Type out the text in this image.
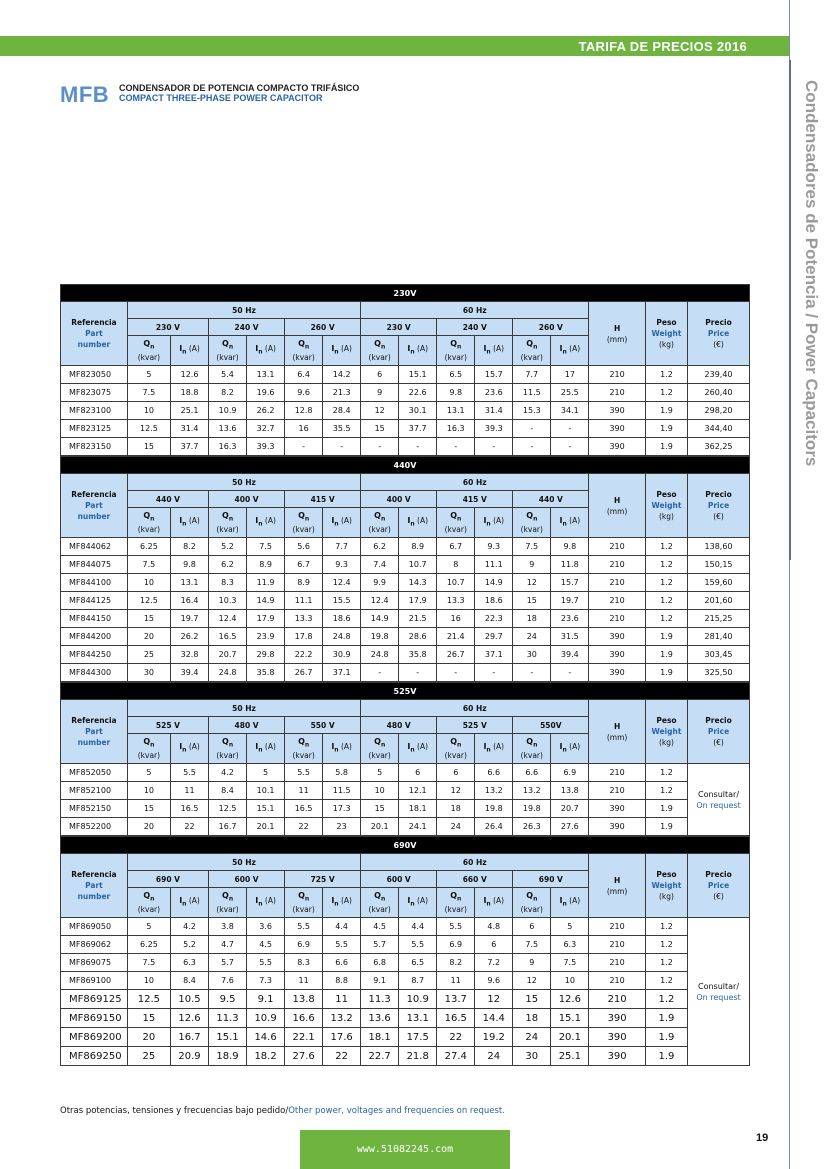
TARIFA DE PRECIOS 2016
Condensadores de Potencia / Power Capacitors
MFB CONDENSADOR DE POTENCIA COMPACTO TRIFÁSICO
COMPACT THREE-PHASE POWER CAPACITOR
230V															
Referencia
Part
number	50 Hz						60 Hz						H
(mm)	Peso
Weight
(kg)	Precio
Price
(€)
	230 V		240 V		260 V		230 V		240 V		260 V				
	$Q_n$
(kvar)	$I_n$ (A)	$Q_n$
(kvar)	$I_n$ (A)	$Q_n$
(kvar)	$I_n$ (A)	$Q_n$
(kvar)	$I_n$ (A)	$Q_n$
(kvar)	$I_n$ (A)	$Q_n$
(kvar)	$I_n$ (A)			
MF823050	5	12.6	5.4	13.1	6.4	14.2	6	15.1	6.5	15.7	7.7	17	210	1.2	239,40
MF823075	7.5	18.8	8.2	19.6	9.6	21.3	9	22.6	9.8	23.6	11.5	25.5	210	1.2	260,40
MF823100	10	25.1	10.9	26.2	12.8	28.4	12	30.1	13.1	31.4	15.3	34.1	390	1.9	298,20
MF823125	12.5	31.4	13.6	32.7	16	35.5	15	37.7	16.3	39.3	-	-	390	1.9	344,40
MF823150	15	37.7	16.3	39.3	-	-	-	-	-	-	-	-	390	1.9	362,25
440V															
Referencia
Part
number	50 Hz						60 Hz						H
(mm)	Peso
Weight
(kg)	Precio
Price
(€)
	440 V		400 V		415 V		400 V		415 V		440 V				
	$Q_n$
(kvar)	$I_n$ (A)	$Q_n$
(kvar)	$I_n$ (A)	$Q_n$
(kvar)	$I_n$ (A)	$Q_n$
(kvar)	$I_n$ (A)	$Q_n$
(kvar)	$I_n$ (A)	$Q_n$
(kvar)	$I_n$ (A)			
MF844062	6.25	8.2	5.2	7.5	5.6	7.7	6.2	8.9	6.7	9.3	7.5	9.8	210	1.2	138,60
MF844075	7.5	9.8	6.2	8.9	6.7	9.3	7.4	10.7	8	11.1	9	11.8	210	1.2	150,15
MF844100	10	13.1	8.3	11.9	8.9	12.4	9.9	14.3	10.7	14.9	12	15.7	210	1.2	159,60
MF844125	12.5	16.4	10.3	14.9	11.1	15.5	12.4	17.9	13.3	18.6	15	19.7	210	1.2	201,60
MF844150	15	19.7	12.4	17.9	13.3	18.6	14.9	21.5	16	22.3	18	23.6	210	1.2	215,25
MF844200	20	26.2	16.5	23.9	17.8	24.8	19.8	28.6	21.4	29.7	24	31.5	390	1.9	281,40
MF844250	25	32.8	20.7	29.8	22.2	30.9	24.8	35.8	26.7	37.1	30	39.4	390	1.9	303,45
MF844300	30	39.4	24.8	35.8	26.7	37.1	-	-	-	-	-	-	390	1.9	325,50
525V															
Referencia
Part
number	50 Hz						60 Hz						H
(mm)	Peso
Weight
(kg)	Precio
Price
(€)
	525 V		480 V		550 V		480 V		525 V		550V				
	$Q_n$
(kvar)	$I_n$ (A)	$Q_n$
(kvar)	$I_n$ (A)	$Q_n$
(kvar)	$I_n$ (A)	$Q_n$
(kvar)	$I_n$ (A)	$Q_n$
(kvar)	$I_n$ (A)	$Q_n$
(kvar)	$I_n$ (A)			
MF852050	5	5.5	4.2	5	5.5	5.8	5	6	6	6.6	6.6	6.9	210	1.2	Consultar/
On request
MF852100	10	11	8.4	10.1	11	11.5	10	12.1	12	13.2	13.2	13.8	210	1.2	
MF852150	15	16.5	12.5	15.1	16.5	17.3	15	18.1	18	19.8	19.8	20.7	390	1.9	
MF852200	20	22	16.7	20.1	22	23	20.1	24.1	24	26.4	26.3	27.6	390	1.9	
690V															
Referencia
Part
number	50 Hz						60 Hz						H
(mm)	Peso
Weight
(kg)	Precio
Price
(€)
	690 V		600 V		725 V		600 V		660 V		690 V				
	$Q_n$
(kvar)	$I_n$ (A)	$Q_n$
(kvar)	$I_n$ (A)	$Q_n$
(kvar)	$I_n$ (A)	$Q_n$
(kvar)	$I_n$ (A)	$Q_n$
(kvar)	$I_n$ (A)	$Q_n$
(kvar)	$I_n$ (A)			
MF869050	5	4.2	3.8	3.6	5.5	4.4	4.5	4.4	5.5	4.8	6	5	210	1.2	Consultar/
On request
MF869062	6.25	5.2	4.7	4.5	6.9	5.5	5.7	5.5	6.9	6	7.5	6.3	210	1.2	
MF869075	7.5	6.3	5.7	5.5	8.3	6.6	6.8	6.5	8.2	7.2	9	7.5	210	1.2	
MF869100	10	8.4	7.6	7.3	11	8.8	9.1	8.7	11	9.6	12	10	210	1.2	
MF869125	12.5	10.5	9.5	9.1	13.8	11	11.3	10.9	13.7	12	15	12.6	210	1.2	
MF869150	15	12.6	11.3	10.9	16.6	13.2	13.6	13.1	16.5	14.4	18	15.1	390	1.9	
MF869200	20	16.7	15.1	14.6	22.1	17.6	18.1	17.5	22	19.2	24	20.1	390	1.9	
MF869250	25	20.9	18.9	18.2	27.6	22	22.7	21.8	27.4	24	30	25.1	390	1.9	
Otras potencias, tensiones y frecuencias bajo pedido/Other power, voltages and frequencies on request.
www.51082245.com
19
